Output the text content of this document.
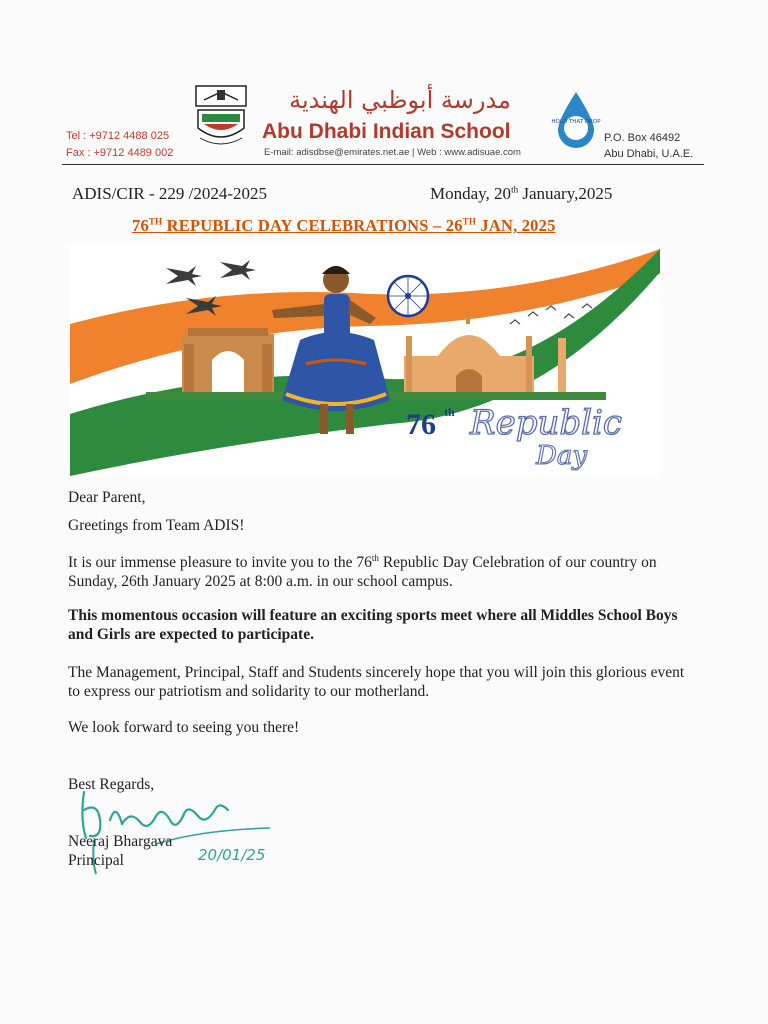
Tel : +9712 4488 025
Fax : +9712 4489 002
مدرسة أبوظبي الهندية
Abu Dhabi Indian School
E-mail: adisdbse@emirates.net.ae | Web : www.adisuae.com
HOLD THAT DROP
P.O. Box 46492
Abu Dhabi, U.A.E.
ADIS/CIR - 229 /2024-2025	Monday, 20th January,2025
76TH REPUBLIC DAY CELEBRATIONS – 26TH JAN, 2025
76 th Republic
Day
Dear Parent,
Greetings from Team ADIS!
It is our immense pleasure to invite you to the 76th Republic Day Celebration of our country on Sunday, 26th January 2025 at 8:00 a.m. in our school campus.
This momentous occasion will feature an exciting sports meet where all Middles School Boys and Girls are expected to participate.
The Management, Principal, Staff and Students sincerely hope that you will join this glorious event to express our patriotism and solidarity to our motherland.
We look forward to seeing you there!
Best Regards,
20/01/25
Neeraj Bhargava
Principal
